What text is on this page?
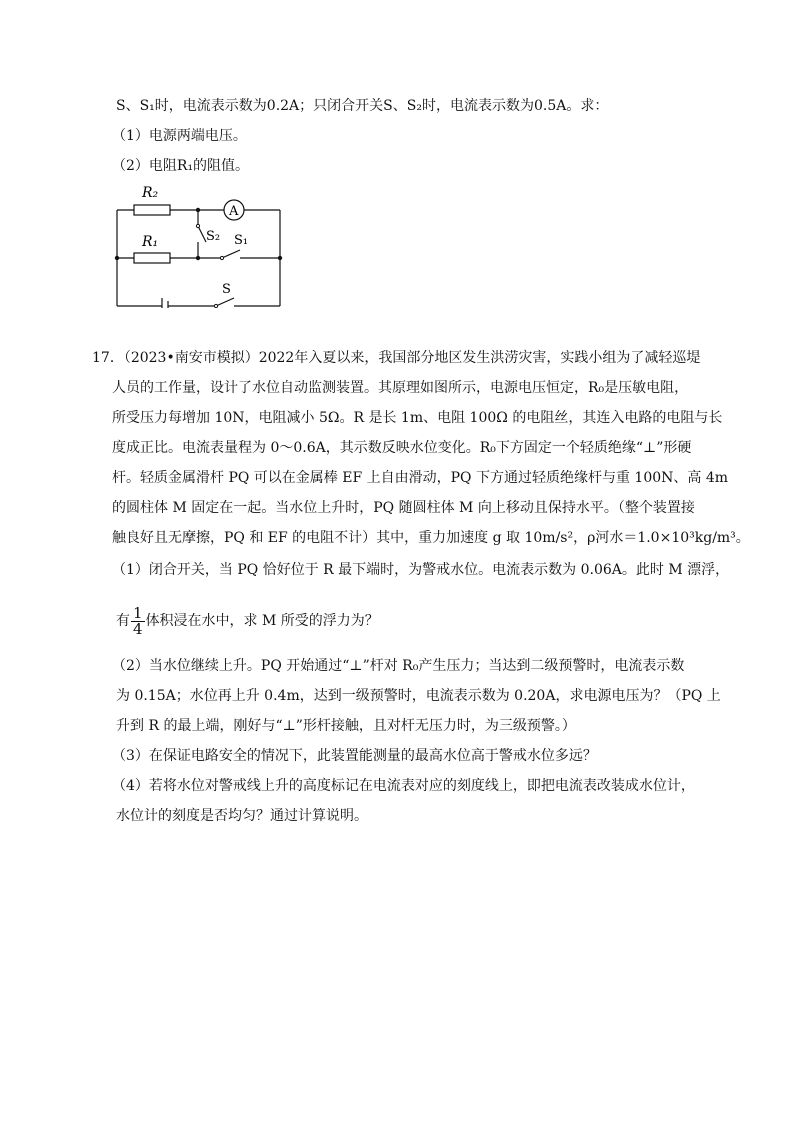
S、S₁时，电流表示数为0.2A；只闭合开关S、S₂时，电流表示数为0.5A。求：
（1）电源两端电压。
（2）电阻R₁的阻值。
R₂
R₁
A
S₂ S₁
S
17．（2023•南安市模拟）2022年入夏以来，我国部分地区发生洪涝灾害，实践小组为了减轻巡堤
人员的工作量，设计了水位自动监测装置。其原理如图所示，电源电压恒定，R₀是压敏电阻，
所受压力每增加 10N，电阻减小 5Ω。R 是长 1m、电阻 100Ω 的电阻丝，其连入电路的电阻与长
度成正比。电流表量程为 0～0.6A，其示数反映水位变化。R₀下方固定一个轻质绝缘“⊥”形硬
杆。轻质金属滑杆 PQ 可以在金属棒 EF 上自由滑动，PQ 下方通过轻质绝缘杆与重 100N、高 4m
的圆柱体 M 固定在一起。当水位上升时，PQ 随圆柱体 M 向上移动且保持水平。（整个装置接
触良好且无摩擦，PQ 和 EF 的电阻不计）其中，重力加速度 g 取 10m/s²，ρ河水＝1.0×10³kg/m³。
（1）闭合开关，当 PQ 恰好位于 R 最下端时，为警戒水位。电流表示数为 0.06A。此时 M 漂浮，
有 $\frac{1}{4}$ 体积浸在水中，求 M 所受的浮力为？
（2）当水位继续上升。PQ 开始通过“⊥”杆对 R₀产生压力；当达到二级预警时，电流表示数
为 0.15A；水位再上升 0.4m，达到一级预警时，电流表示数为 0.20A，求电源电压为？（PQ 上
升到 R 的最上端，刚好与“⊥”形杆接触，且对杆无压力时，为三级预警。）
（3）在保证电路安全的情况下，此装置能测量的最高水位高于警戒水位多远？
（4）若将水位对警戒线上升的高度标记在电流表对应的刻度线上，即把电流表改装成水位计，
水位计的刻度是否均匀？通过计算说明。
